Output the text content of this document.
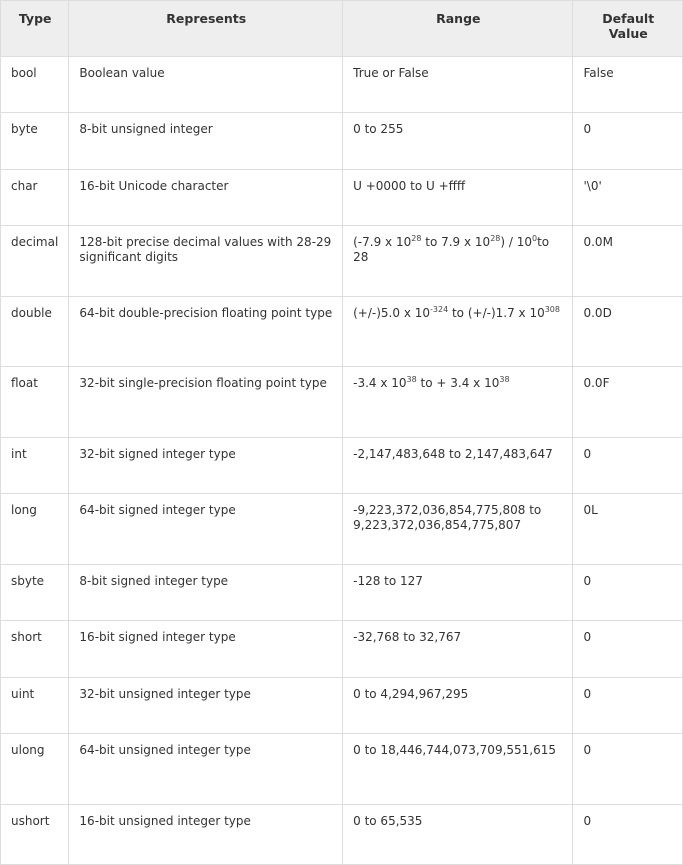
Type	Represents	Range	Default Value
bool	Boolean value	True or False	False
byte	8-bit unsigned integer	0 to 255	0
char	16-bit Unicode character	U +0000 to U +ffff	'\0'
decimal	128-bit precise decimal values with 28-29 significant digits	(-7.9 x $10^{28}$ to 7.9 x $10^{28}) / 10^0to$ 28	0.0M
double	64-bit double-precision floating point type	(+/-)5.0 x $10^{-324}$ to (+/-)1.7 x $10^{308}$	0.0D
float	32-bit single-precision floating point type	-3.4 x $10^{38}$ to + 3.4 x $10^{38}$	0.0F
int	32-bit signed integer type	-2,147,483,648 to 2,147,483,647	0
long	64-bit signed integer type	-9,223,372,036,854,775,808 to 9,223,372,036,854,775,807	0L
sbyte	8-bit signed integer type	-128 to 127	0
short	16-bit signed integer type	-32,768 to 32,767	0
uint	32-bit unsigned integer type	0 to 4,294,967,295	0
ulong	64-bit unsigned integer type	0 to 18,446,744,073,709,551,615	0
ushort	16-bit unsigned integer type	0 to 65,535	0
